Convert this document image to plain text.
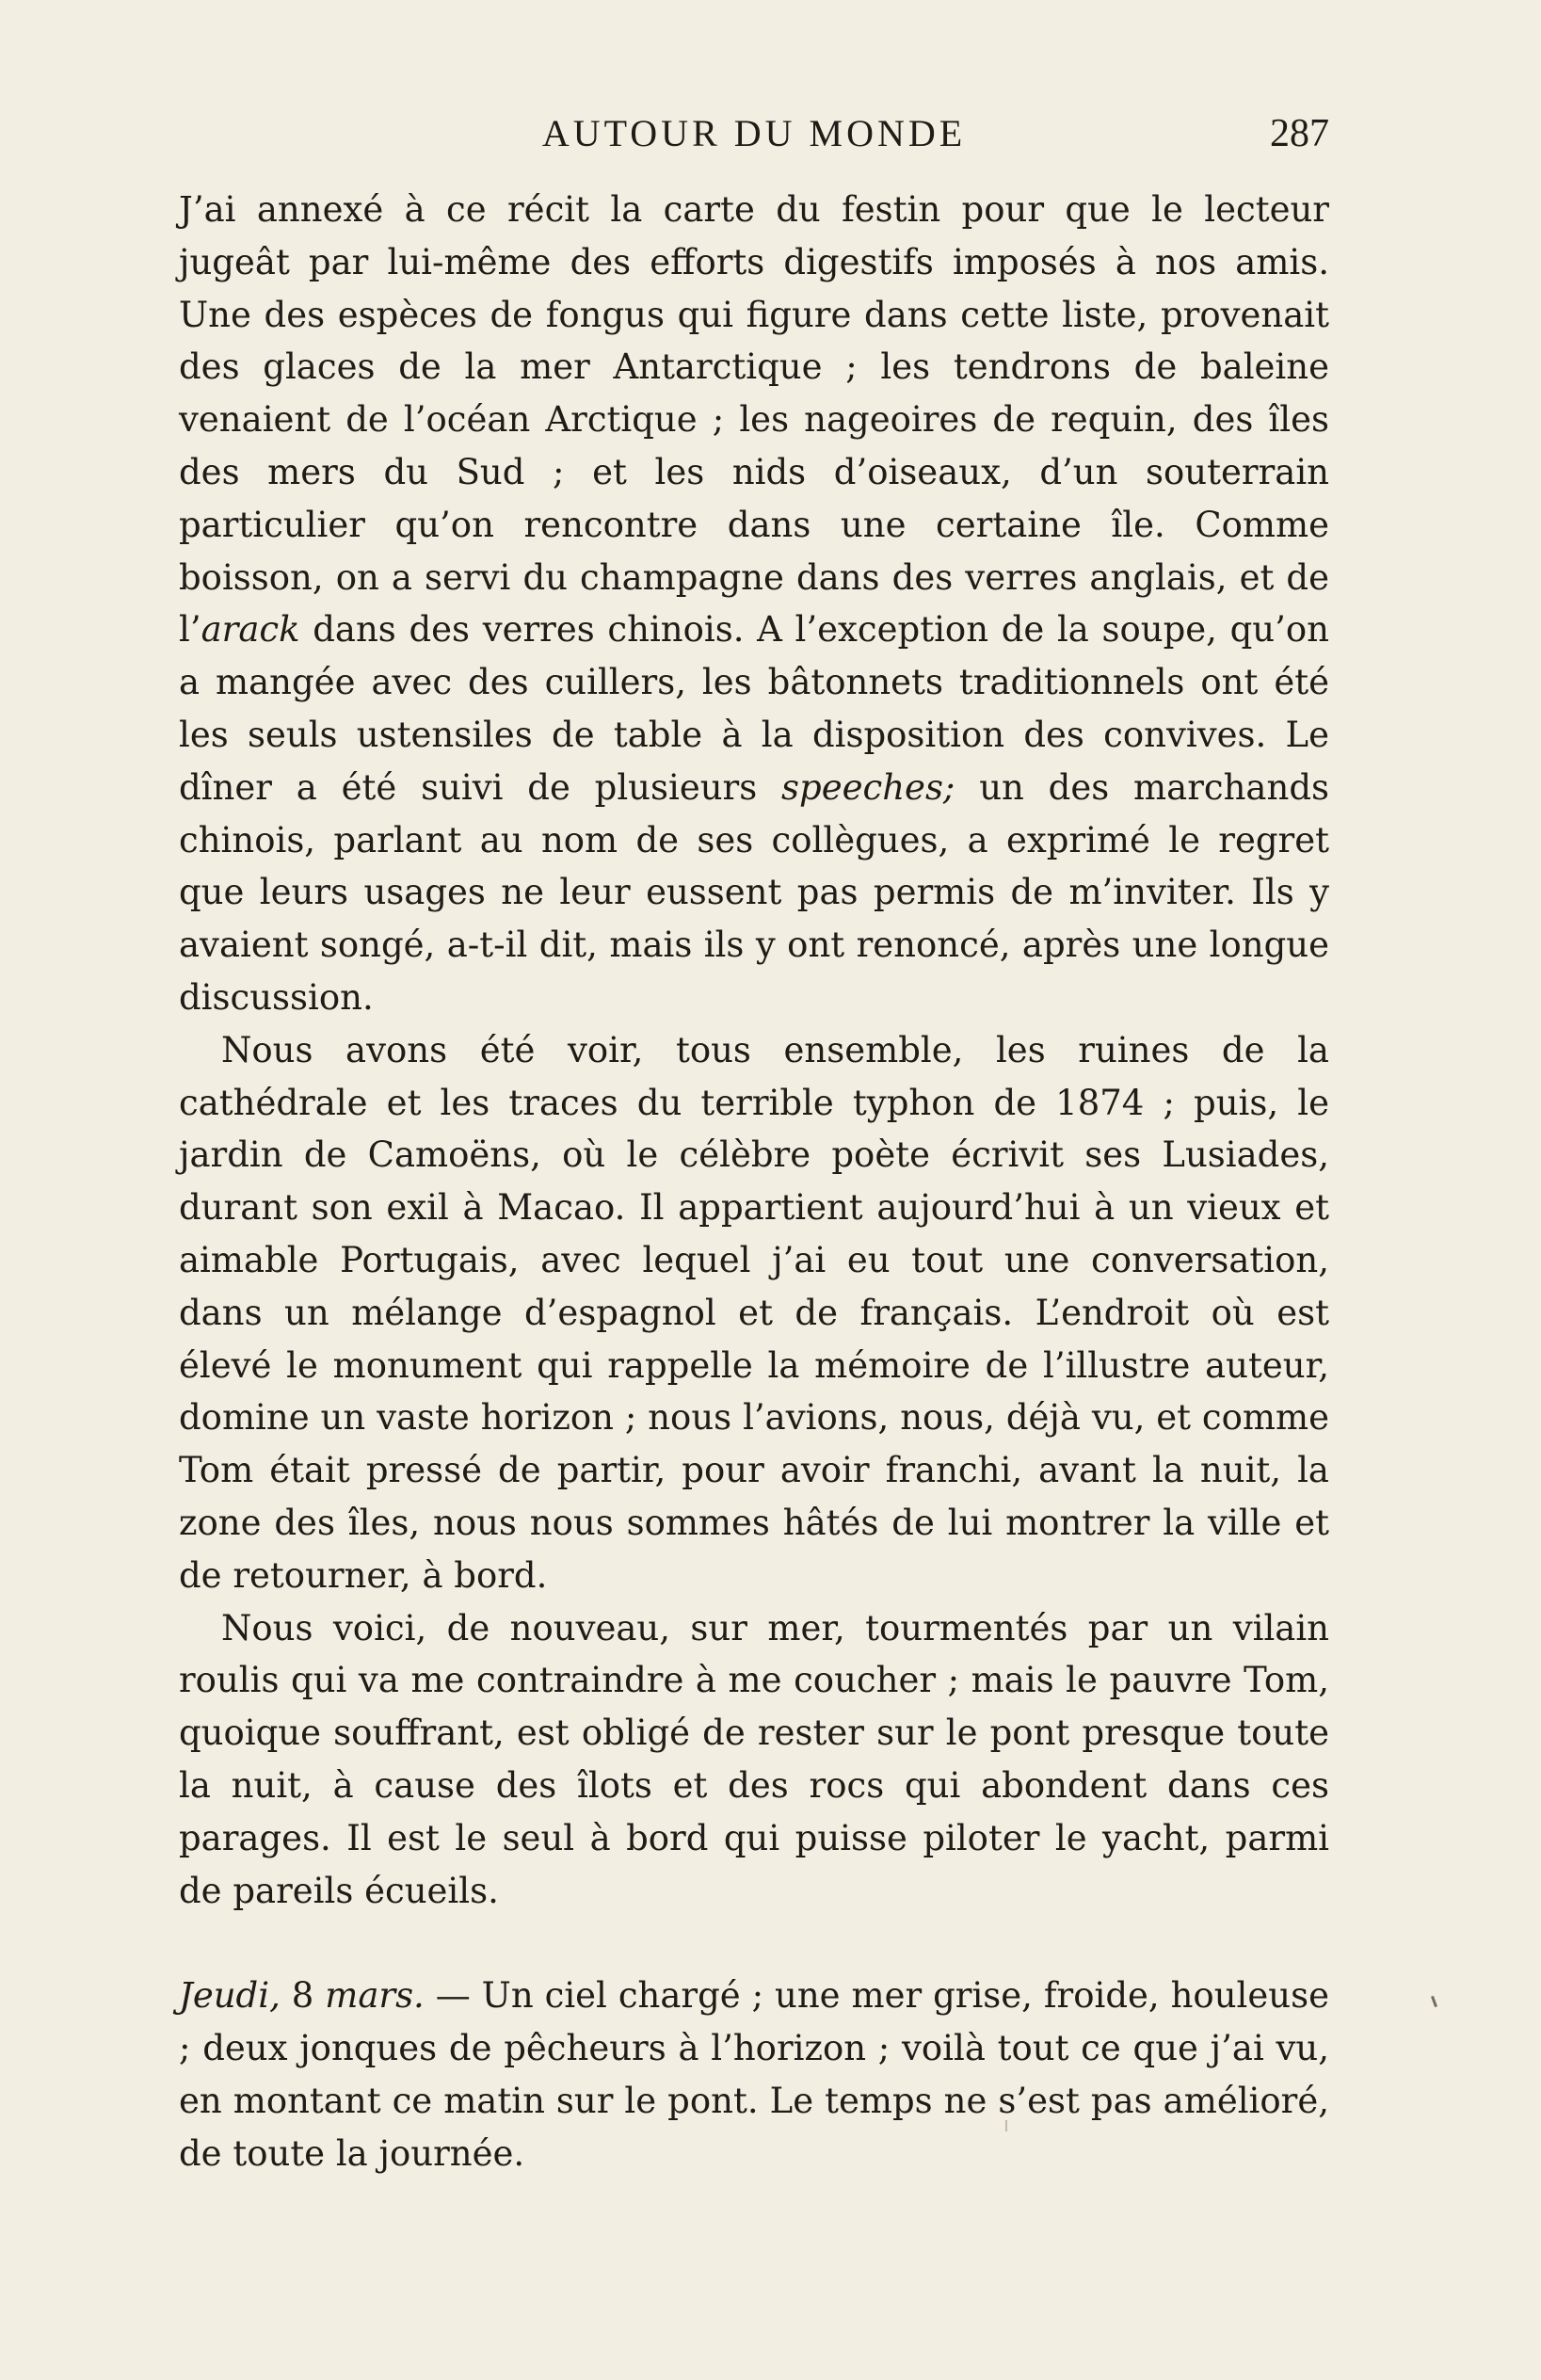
AUTOUR DU MONDE	287

J’ai annexé à ce récit la carte du festin pour que le lecteur jugeât par lui-même des efforts digestifs imposés à nos amis. Une des espèces de fongus qui figure dans cette liste, provenait des glaces de la mer Antarctique ; les tendrons de baleine venaient de l’océan Arctique ; les nageoires de requin, des îles des mers du Sud ; et les nids d’oiseaux, d’un souterrain particulier qu’on rencontre dans une certaine île. Comme boisson, on a servi du champagne dans des verres anglais, et de l’arack dans des verres chinois. A l’exception de la soupe, qu’on a mangée avec des cuillers, les bâtonnets traditionnels ont été les seuls ustensiles de table à la disposition des convives. Le dîner a été suivi de plusieurs speeches; un des marchands chinois, parlant au nom de ses collègues, a exprimé le regret que leurs usages ne leur eussent pas permis de m’inviter. Ils y avaient songé, a-t-il dit, mais ils y ont renoncé, après une longue discussion.

Nous avons été voir, tous ensemble, les ruines de la cathédrale et les traces du terrible typhon de 1874 ; puis, le jardin de Camoëns, où le célèbre poète écrivit ses Lusiades, durant son exil à Macao. Il appartient aujourd’hui à un vieux et aimable Portugais, avec lequel j’ai eu tout une conversation, dans un mélange d’espagnol et de français. L’endroit où est élevé le monument qui rappelle la mémoire de l’illustre auteur, domine un vaste horizon ; nous l’avions, nous, déjà vu, et comme Tom était pressé de partir, pour avoir franchi, avant la nuit, la zone des îles, nous nous sommes hâtés de lui montrer la ville et de retourner, à bord.

Nous voici, de nouveau, sur mer, tourmentés par un vilain roulis qui va me contraindre à me coucher ; mais le pauvre Tom, quoique souffrant, est obligé de rester sur le pont presque toute la nuit, à cause des îlots et des rocs qui abondent dans ces parages. Il est le seul à bord qui puisse piloter le yacht, parmi de pareils écueils.

Jeudi, 8 mars. — Un ciel chargé ; une mer grise, froide, houleuse ; deux jonques de pêcheurs à l’horizon ; voilà tout ce que j’ai vu, en montant ce matin sur le pont. Le temps ne s’est pas amélioré, de toute la journée.
